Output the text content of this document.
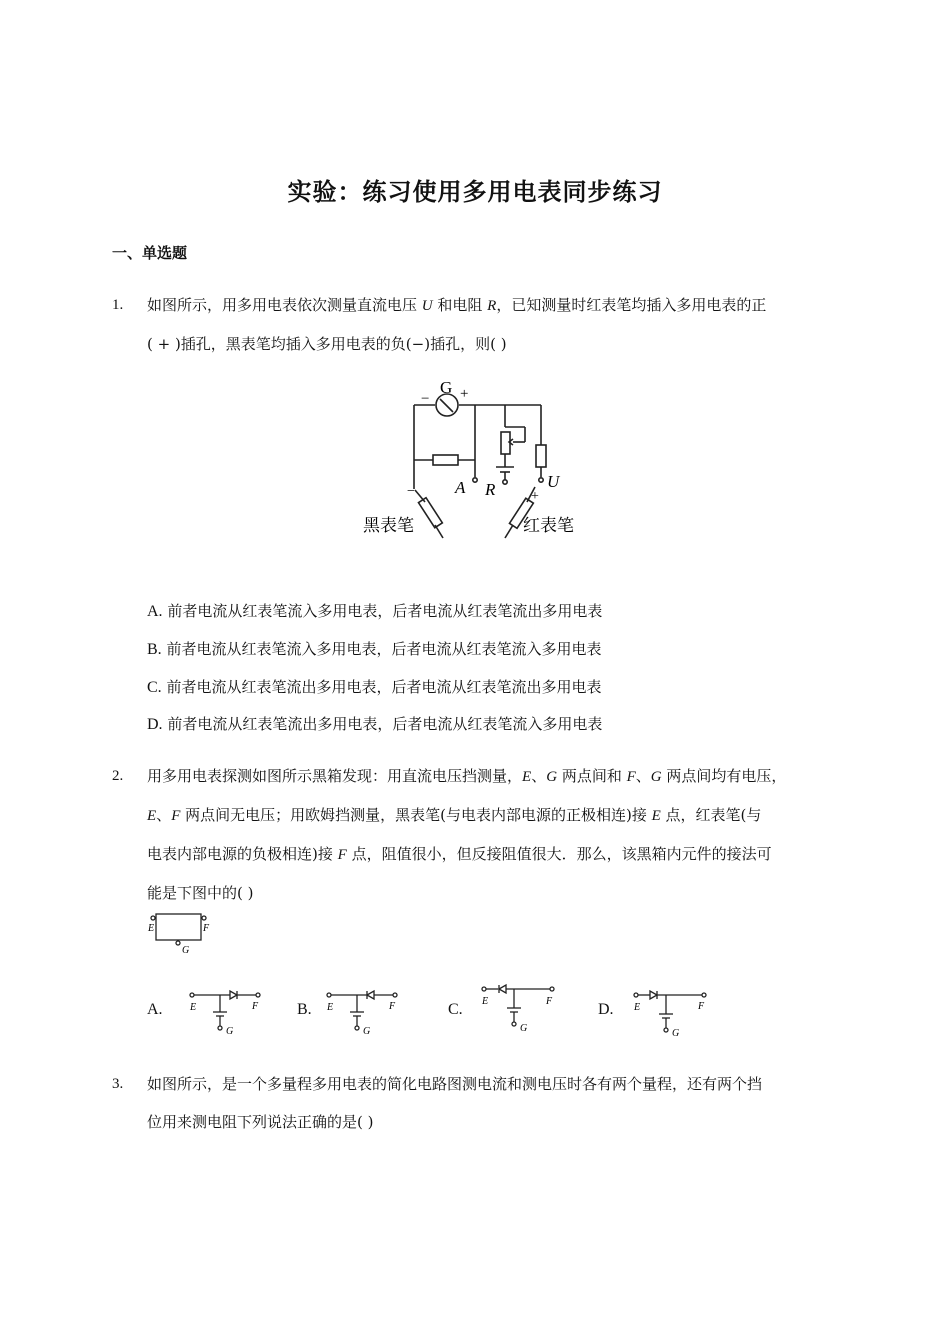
实验：练习使用多用电表同步练习
一、单选题
1. 如图所示，用多用电表依次测量直流电压 U 和电阻 R，已知测量时红表笔均插入多用电表的正
( + )插孔，黑表笔均插入多用电表的负(−)插孔，则( )
G
− +
A R	U
−	+
黑表笔	红表笔
A. 前者电流从红表笔流入多用电表，后者电流从红表笔流出多用电表
B. 前者电流从红表笔流入多用电表，后者电流从红表笔流入多用电表
C. 前者电流从红表笔流出多用电表，后者电流从红表笔流出多用电表
D. 前者电流从红表笔流出多用电表，后者电流从红表笔流入多用电表
2. 用多用电表探测如图所示黑箱发现：用直流电压挡测量，E、G 两点间和 F、G 两点间均有电压，
E、F 两点间无电压；用欧姆挡测量，黑表笔(与电表内部电源的正极相连)接 E 点，红表笔(与
电表内部电源的负极相连)接 F 点，阻值很小，但反接阻值很大．那么，该黑箱内元件的接法可
能是下图中的( )
E	F
G
A.	E	F
G
B. E	F
G
C. E	F
G
D. E	F
G
3. 如图所示，是一个多量程多用电表的简化电路图测电流和测电压时各有两个量程，还有两个挡
位用来测电阻下列说法正确的是( )
